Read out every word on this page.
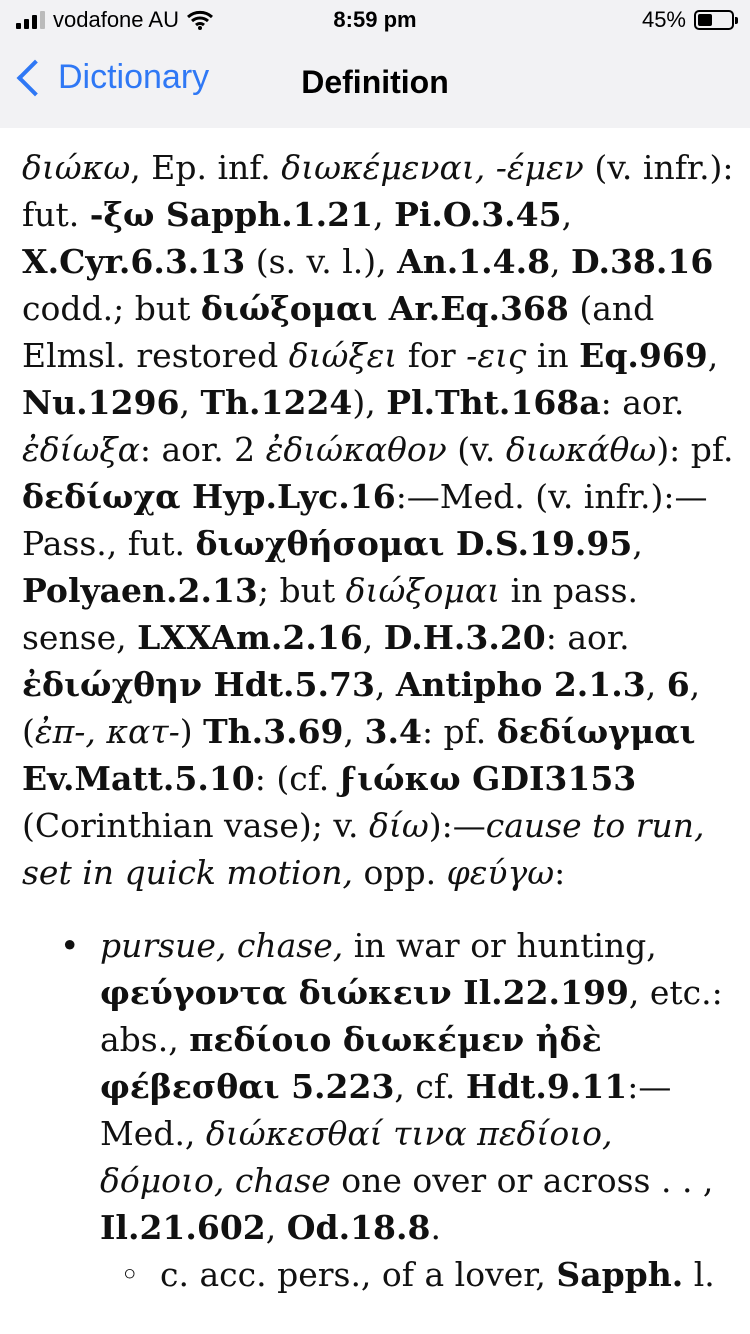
vodafone AU	8:59 pm	45%
Dictionary	Definition

διώκω, Ep. inf. διωκέμεναι, -έμεν (v. infr.): fut. -ξω Sapph.1.21, Pi.O.3.45, X.Cyr.6.3.13 (s. v. l.), An.1.4.8, D.38.16 codd.; but διώξομαι Ar.Eq.368 (and Elmsl. restored διώξει for -εις in Eq.969, Nu.1296, Th.1224), Pl.Tht.168a: aor. ἐδίωξα: aor. 2 ἐδιώκαθον (v. διωκάθω): pf. δεδίωχα Hyp.Lyc.16:—Med. (v. infr.):—Pass., fut. διωχθήσομαι D.S.19.95, Polyaen.2.13; but διώξομαι in pass. sense, LXXAm.2.16, D.H.3.20: aor. ἐδιώχθην Hdt.5.73, Antipho 2.1.3, 6, (ἐπ-, κατ-) Th.3.69, 3.4: pf. δεδίωγμαι Ev.Matt.5.10: (cf. ϝιώκω GDI3153 (Corinthian vase); v. δίω):—cause to run, set in quick motion, opp. φεύγω:

• pursue, chase, in war or hunting, φεύγοντα διώκειν Il.22.199, etc.: abs., πεδίοιο διωκέμεν ἠδὲ φέβεσθαι 5.223, cf. Hdt.9.11:—Med., διώκεσθαί τινα πεδίοιο, δόμοιο, chase one over or across . . , Il.21.602, Od.18.8.
◦ c. acc. pers., of a lover, Sapph. l.
